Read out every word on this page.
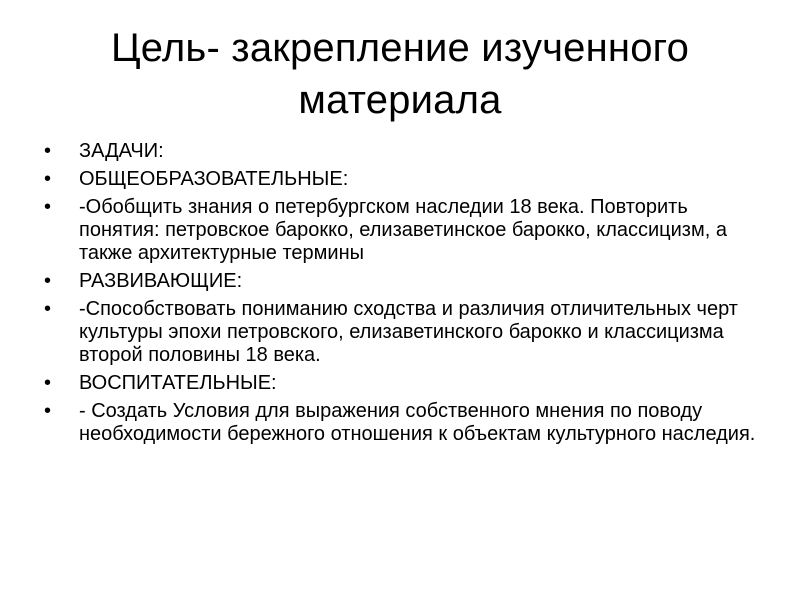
Цель- закрепление изученного материала
•	ЗАДАЧИ:
•	ОБЩЕОБРАЗОВАТЕЛЬНЫЕ:
•	-Обобщить знания о петербургском наследии 18 века. Повторить понятия: петровское барокко, елизаветинское барокко, классицизм, а также архитектурные термины
•	РАЗВИВАЮЩИЕ:
•	-Способствовать пониманию сходства и различия отличительных черт культуры эпохи петровского, елизаветинского барокко и классицизма второй половины 18 века.
•	ВОСПИТАТЕЛЬНЫЕ:
•	- Создать Условия для выражения собственного мнения по поводу необходимости бережного отношения к объектам культурного наследия.
